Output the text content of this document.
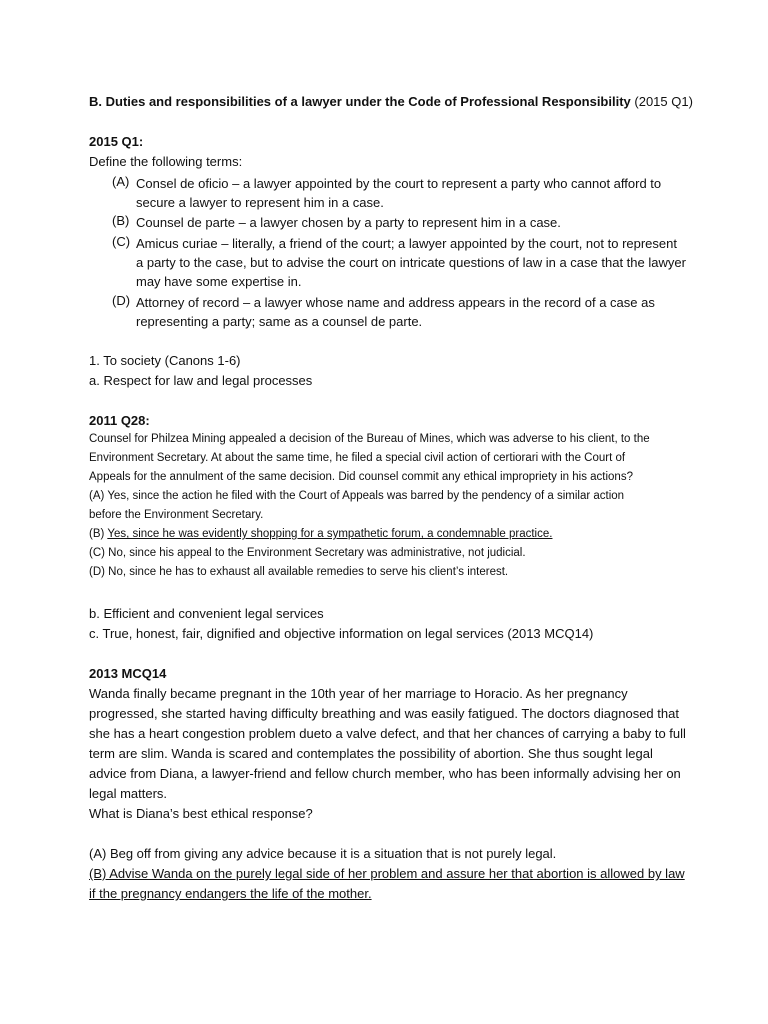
B. Duties and responsibilities of a lawyer under the Code of Professional Responsibility (2015 Q1)
2015 Q1:
Define the following terms:
(A) Consel de oficio – a lawyer appointed by the court to represent a party who cannot afford to
secure a lawyer to represent him in a case.
(B) Counsel de parte – a lawyer chosen by a party to represent him in a case.
(C) Amicus curiae – literally, a friend of the court; a lawyer appointed by the court, not to represent
a party to the case, but to advise the court on intricate questions of law in a case that the lawyer
may have some expertise in.
(D) Attorney of record – a lawyer whose name and address appears in the record of a case as
representing a party; same as a counsel de parte.
1. To society (Canons 1-6)
a. Respect for law and legal processes
2011 Q28:
Counsel for Philzea Mining appealed a decision of the Bureau of Mines, which was adverse to his client, to the
Environment Secretary. At about the same time, he filed a special civil action of certiorari with the Court of
Appeals for the annulment of the same decision. Did counsel commit any ethical impropriety in his actions?
(A) Yes, since the action he filed with the Court of Appeals was barred by the pendency of a similar action
before the Environment Secretary.
(B) Yes, since he was evidently shopping for a sympathetic forum, a condemnable practice.
(C) No, since his appeal to the Environment Secretary was administrative, not judicial.
(D) No, since he has to exhaust all available remedies to serve his client’s interest.
b. Efficient and convenient legal services
c. True, honest, fair, dignified and objective information on legal services (2013 MCQ14)
2013 MCQ14
Wanda finally became pregnant in the 10th year of her marriage to Horacio. As her pregnancy
progressed, she started having difficulty breathing and was easily fatigued. The doctors diagnosed that
she has a heart congestion problem dueto a valve defect, and that her chances of carrying a baby to full
term are slim. Wanda is scared and contemplates the possibility of abortion. She thus sought legal
advice from Diana, a lawyer-friend and fellow church member, who has been informally advising her on
legal matters.
What is Diana’s best ethical response?
(A) Beg off from giving any advice because it is a situation that is not purely legal.
(B) Advise Wanda on the purely legal side of her problem and assure her that abortion is allowed by law
if the pregnancy endangers the life of the mother.
